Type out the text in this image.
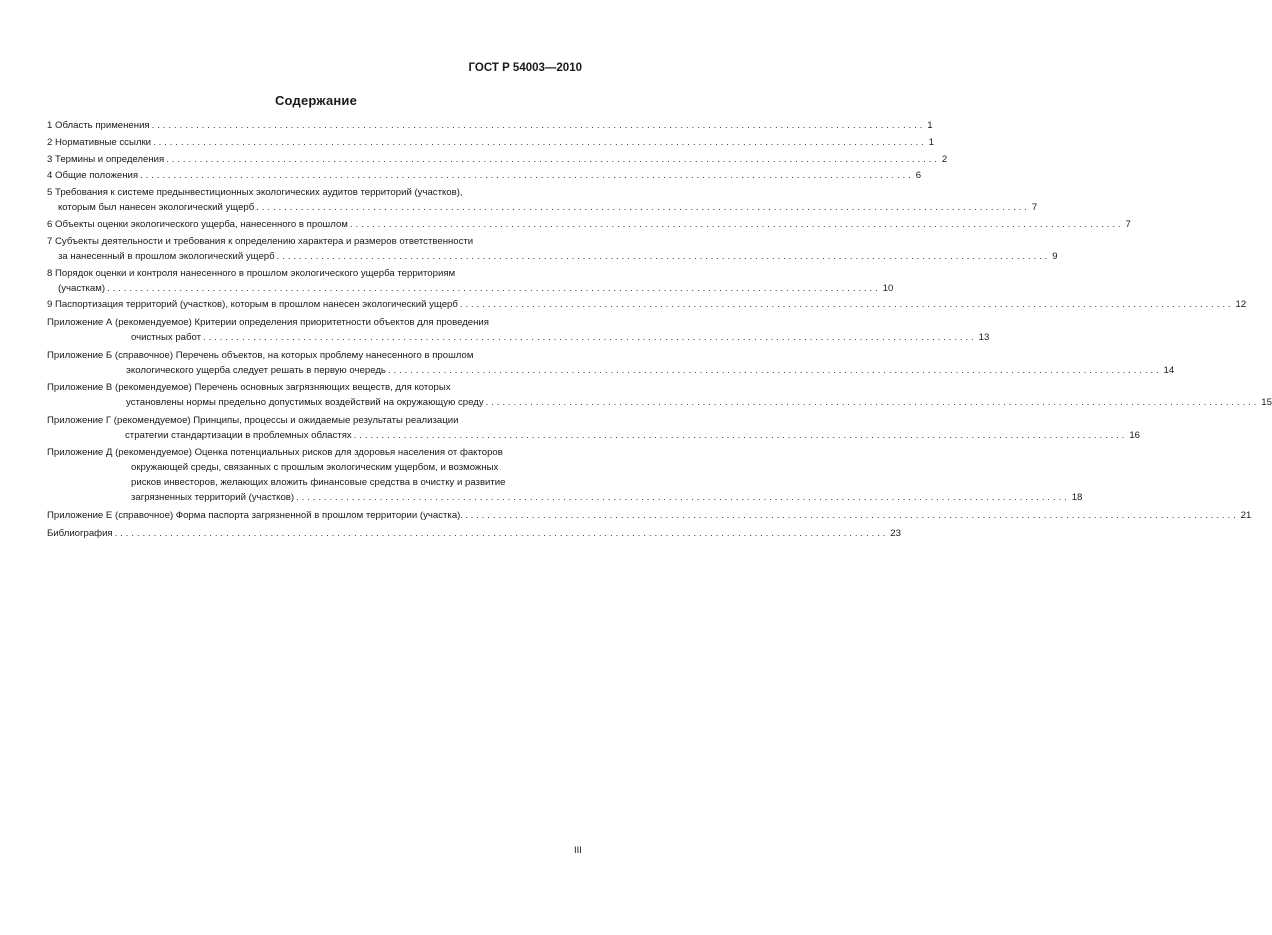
ГОСТ Р 54003—2010
Содержание
1 Область применения ........................................................................................................................................... 1
2 Нормативные ссылки ........................................................................................................................................... 1
3 Термины и определения ........................................................................................................................................... 2
4 Общие положения ........................................................................................................................................... 6
5 Требования к системе предынвестиционных экологических аудитов территорий (участков),
которым был нанесен экологический ущерб ........................................................................................................................................... 7
6 Объекты оценки экологического ущерба, нанесенного в прошлом ........................................................................................................................................... 7
7 Субъекты деятельности и требования к определению характера и размеров ответственности
за нанесенный в прошлом экологический ущерб ........................................................................................................................................... 9
8 Порядок оценки и контроля нанесенного в прошлом экологического ущерба территориям
(участкам) ........................................................................................................................................... 10
9 Паспортизация территорий (участков), которым в прошлом нанесен экологический ущерб ........................................................................................................................................... 12
Приложение А (рекомендуемое) Критерии определения приоритетности объектов для проведения
очистных работ ........................................................................................................................................... 13
Приложение Б (справочное) Перечень объектов, на которых проблему нанесенного в прошлом
экологического ущерба следует решать в первую очередь ........................................................................................................................................... 14
Приложение В (рекомендуемое) Перечень основных загрязняющих веществ, для которых
установлены нормы предельно допустимых воздействий на окружающую среду ........................................................................................................................................... 15
Приложение Г (рекомендуемое) Принципы, процессы и ожидаемые результаты реализации
стратегии стандартизации в проблемных областях ........................................................................................................................................... 16
Приложение Д (рекомендуемое) Оценка потенциальных рисков для здоровья населения от факторов
окружающей среды, связанных с прошлым экологическим ущербом, и возможных
рисков инвесторов, желающих вложить финансовые средства в очистку и развитие
загрязненных территорий (участков) ........................................................................................................................................... 18
Приложение Е (справочное) Форма паспорта загрязненной в прошлом территории (участка). ........................................................................................................................................... 21
Библиография ........................................................................................................................................... 23
III
